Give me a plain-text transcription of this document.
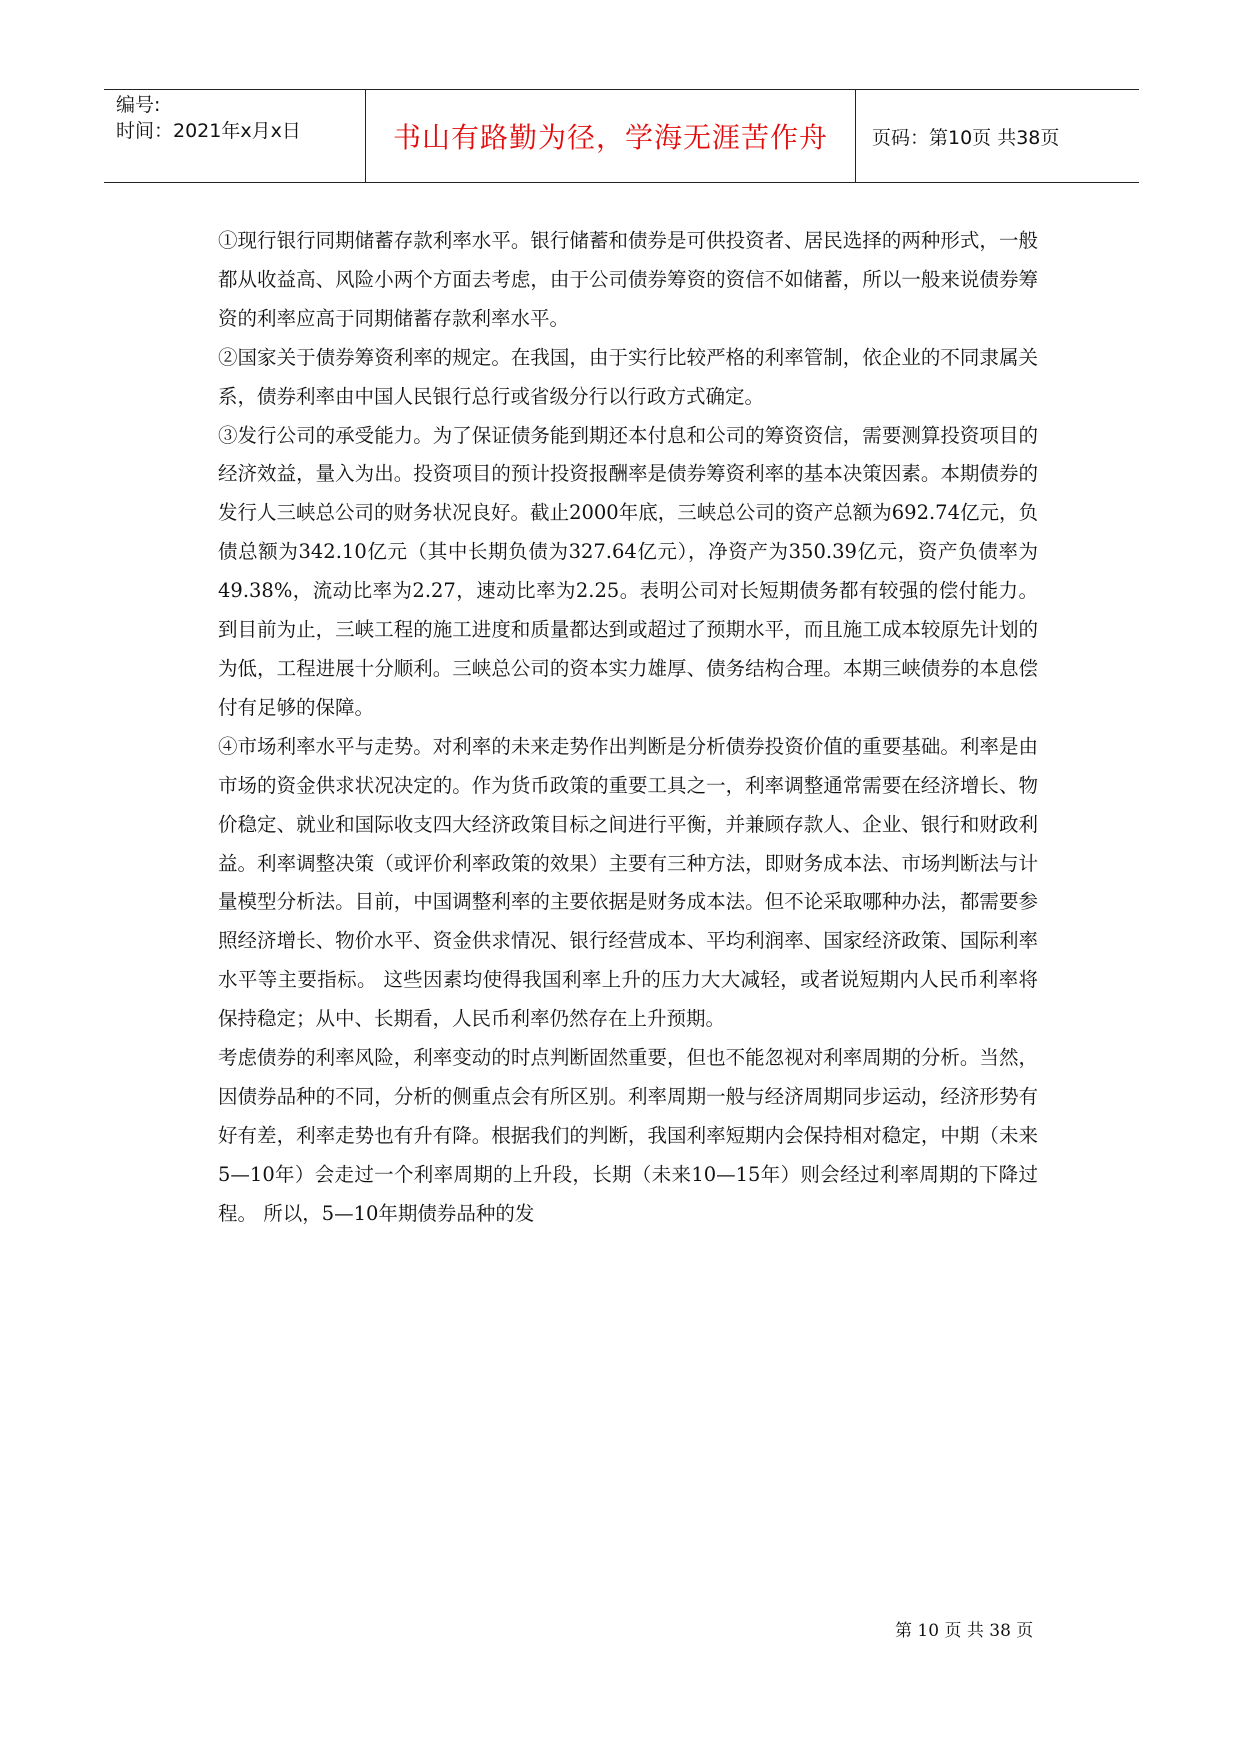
编号:
时间：2021年x月x日	书山有路勤为径，学海无涯苦作舟	页码：第10页 共38页

①现行银行同期储蓄存款利率水平。银行储蓄和债券是可供投资者、居民选择的两种形式，一般都从收益高、风险小两个方面去考虑，由于公司债券筹资的资信不如储蓄，所以一般来说债券筹资的利率应高于同期储蓄存款利率水平。

②国家关于债券筹资利率的规定。在我国，由于实行比较严格的利率管制，依企业的不同隶属关系，债券利率由中国人民银行总行或省级分行以行政方式确定。

③发行公司的承受能力。为了保证债务能到期还本付息和公司的筹资资信，需要测算投资项目的经济效益，量入为出。投资项目的预计投资报酬率是债券筹资利率的基本决策因素。本期债券的发行人三峡总公司的财务状况良好。截止2000年底，三峡总公司的资产总额为692.74亿元，负债总额为342.10亿元（其中长期负债为327.64亿元），净资产为350.39亿元，资产负债率为49.38%，流动比率为2.27，速动比率为2.25。表明公司对长短期债务都有较强的偿付能力。 到目前为止，三峡工程的施工进度和质量都达到或超过了预期水平，而且施工成本较原先计划的为低，工程进展十分顺利。三峡总公司的资本实力雄厚、债务结构合理。本期三峡债券的本息偿付有足够的保障。

④市场利率水平与走势。对利率的未来走势作出判断是分析债券投资价值的重要基础。利率是由市场的资金供求状况决定的。作为货币政策的重要工具之一，利率调整通常需要在经济增长、物价稳定、就业和国际收支四大经济政策目标之间进行平衡，并兼顾存款人、企业、银行和财政利益。利率调整决策（或评价利率政策的效果）主要有三种方法，即财务成本法、市场判断法与计量模型分析法。目前，中国调整利率的主要依据是财务成本法。但不论采取哪种办法，都需要参照经济增长、物价水平、资金供求情况、银行经营成本、平均利润率、国家经济政策、国际利率水平等主要指标。 这些因素均使得我国利率上升的压力大大减轻，或者说短期内人民币利率将保持稳定；从中、长期看，人民币利率仍然存在上升预期。

考虑债券的利率风险，利率变动的时点判断固然重要，但也不能忽视对利率周期的分析。当然，因债券品种的不同，分析的侧重点会有所区别。利率周期一般与经济周期同步运动，经济形势有好有差，利率走势也有升有降。根据我们的判断，我国利率短期内会保持相对稳定，中期（未来5—10年）会走过一个利率周期的上升段，长期（未来10—15年）则会经过利率周期的下降过程。 所以，5—10年期债券品种的发

第 10 页 共 38 页
